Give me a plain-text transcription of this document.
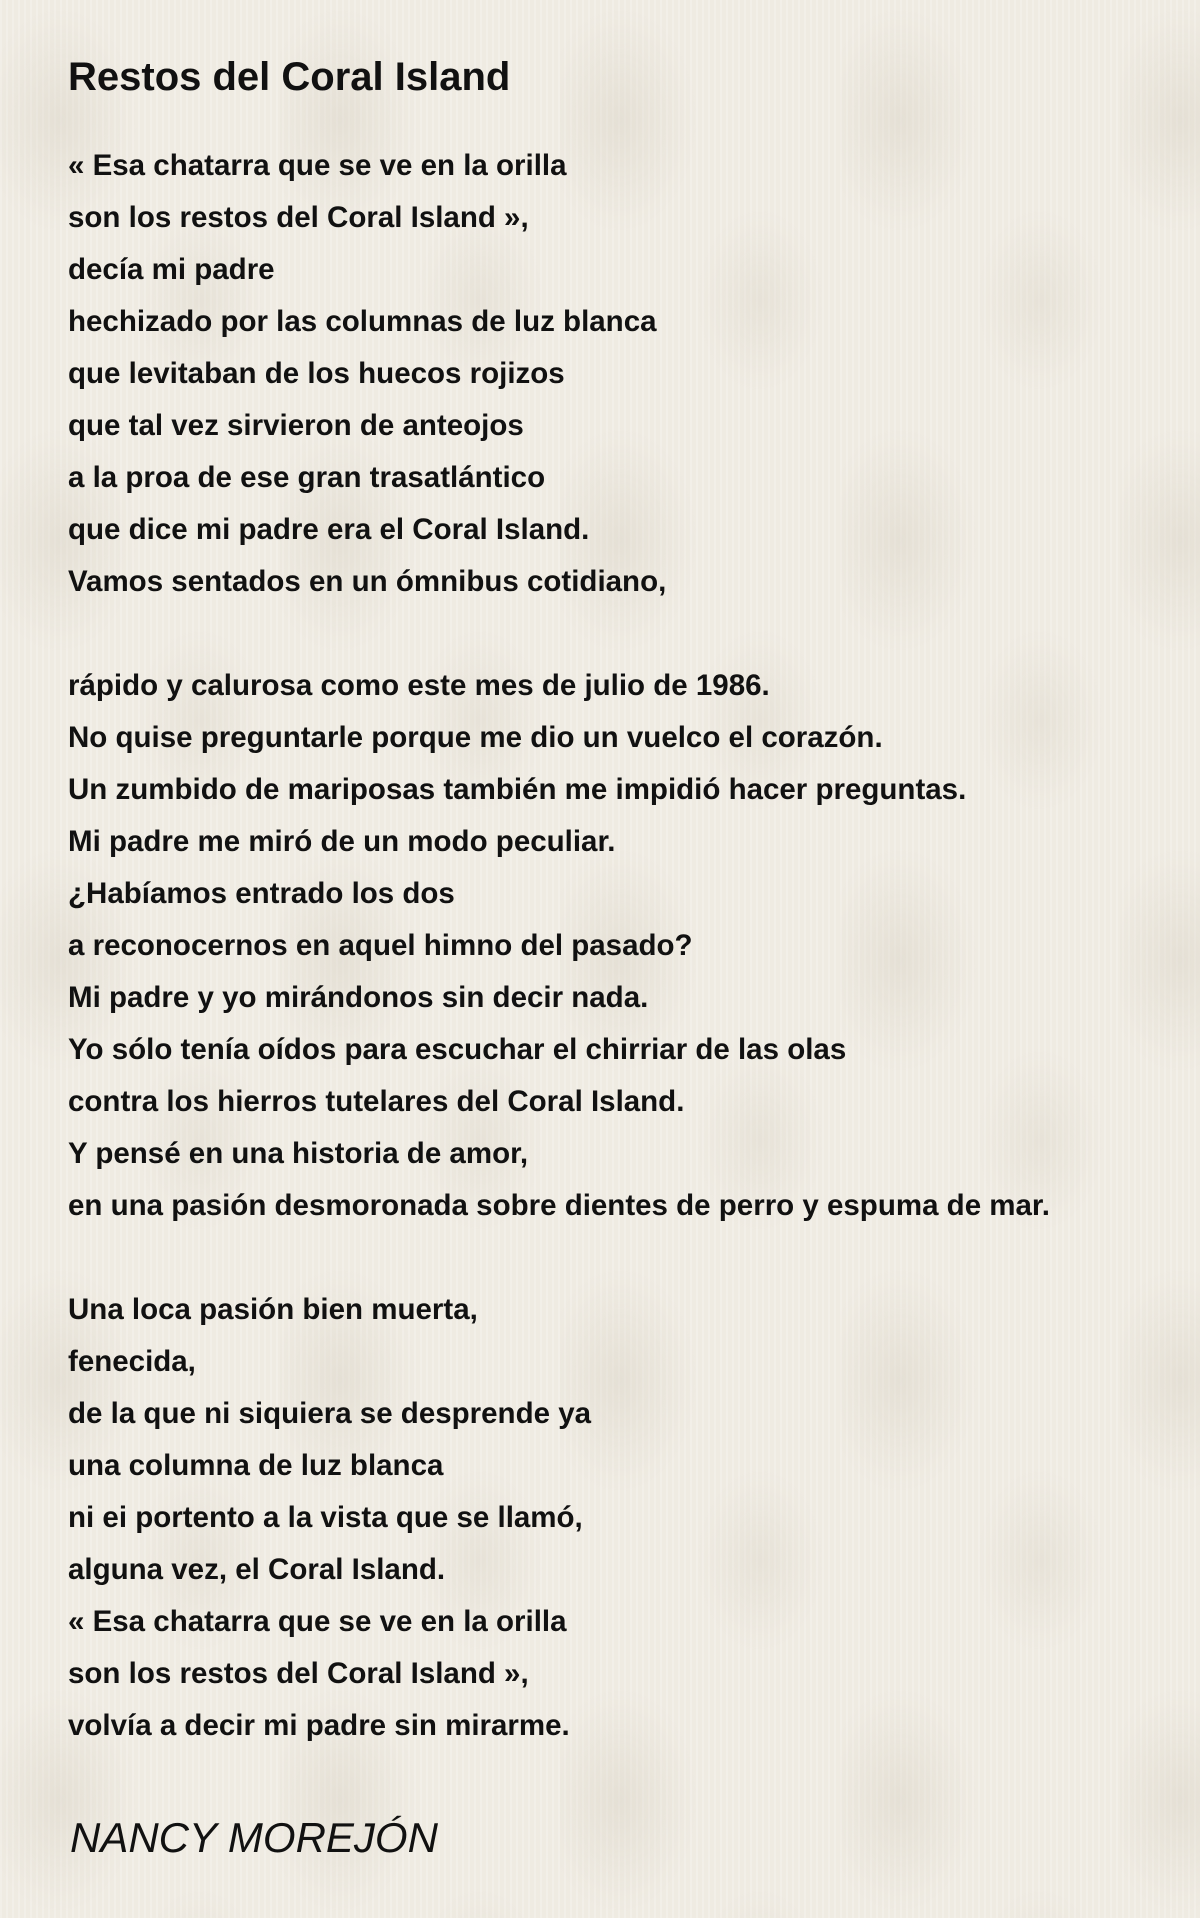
Restos del Coral Island
« Esa chatarra que se ve en la orilla
son los restos del Coral Island »,
decía mi padre
hechizado por las columnas de luz blanca
que levitaban de los huecos rojizos
que tal vez sirvieron de anteojos
a la proa de ese gran trasatlántico
que dice mi padre era el Coral Island.
Vamos sentados en un ómnibus cotidiano,
rápido y calurosa como este mes de julio de 1986.
No quise preguntarle porque me dio un vuelco el corazón.
Un zumbido de mariposas también me impidió hacer preguntas.
Mi padre me miró de un modo peculiar.
¿Habíamos entrado los dos
a reconocernos en aquel himno del pasado?
Mi padre y yo mirándonos sin decir nada.
Yo sólo tenía oídos para escuchar el chirriar de las olas
contra los hierros tutelares del Coral Island.
Y pensé en una historia de amor,
en una pasión desmoronada sobre dientes de perro y espuma de mar.
Una loca pasión bien muerta,
fenecida,
de la que ni siquiera se desprende ya
una columna de luz blanca
ni ei portento a la vista que se llamó,
alguna vez, el Coral Island.
« Esa chatarra que se ve en la orilla
son los restos del Coral Island »,
volvía a decir mi padre sin mirarme.
NANCY MOREJÓN
